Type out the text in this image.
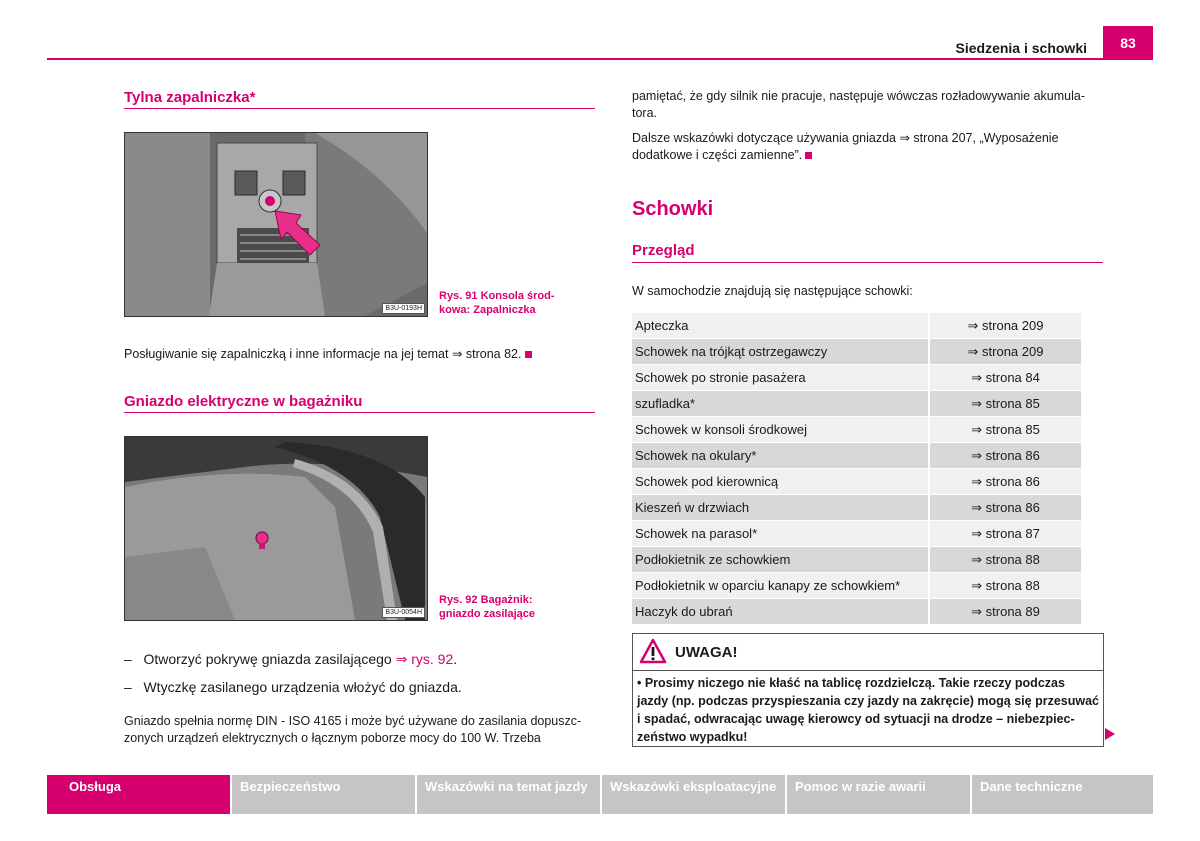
Siedzenia i schowki	83
Tylna zapalniczka*
B3U-0193H
Rys. 91 Konsola środ-
kowa: Zapalniczka
Posługiwanie się zapalniczką i inne informacje na jej temat ⇒ strona 82.
Gniazdo elektryczne w bagażniku
B3U-0054H
Rys. 92 Bagażnik:
gniazdo zasilające
– Otworzyć pokrywę gniazda zasilającego ⇒ rys. 92.
– Wtyczkę zasilanego urządzenia włożyć do gniazda.
Gniazdo spełnia normę DIN - ISO 4165 i może być używane do zasilania dopuszc-
zonych urządzeń elektrycznych o łącznym poborze mocy do 100 W. Trzeba
pamiętać, że gdy silnik nie pracuje, następuje wówczas rozładowywanie akumula-
tora.
Dalsze wskazówki dotyczące używania gniazda ⇒ strona 207, „Wyposażenie
dodatkowe i części zamienne”.
Schowki
Przegląd
W samochodzie znajdują się następujące schowki:
Apteczka	⇒ strona 209
Schowek na trójkąt ostrzegawczy	⇒ strona 209
Schowek po stronie pasażera	⇒ strona 84
szufladka*	⇒ strona 85
Schowek w konsoli środkowej	⇒ strona 85
Schowek na okulary*	⇒ strona 86
Schowek pod kierownicą	⇒ strona 86
Kieszeń w drzwiach	⇒ strona 86
Schowek na parasol*	⇒ strona 87
Podłokietnik ze schowkiem	⇒ strona 88
Podłokietnik w oparciu kanapy ze schowkiem*	⇒ strona 88
Haczyk do ubrań	⇒ strona 89
UWAGA!
• Prosimy niczego nie kłaść na tablicę rozdzielczą. Takie rzeczy podczas
jazdy (np. podczas przyspieszania czy jazdy na zakręcie) mogą się przesuwać
i spadać, odwracając uwagę kierowcy od sytuacji na drodze – niebezpiec-
zeństwo wypadku!
Obsługa	Bezpieczeństwo	Wskazówki na temat jazdy	Wskazówki eksploatacyjne	Pomoc w razie awarii	Dane techniczne
